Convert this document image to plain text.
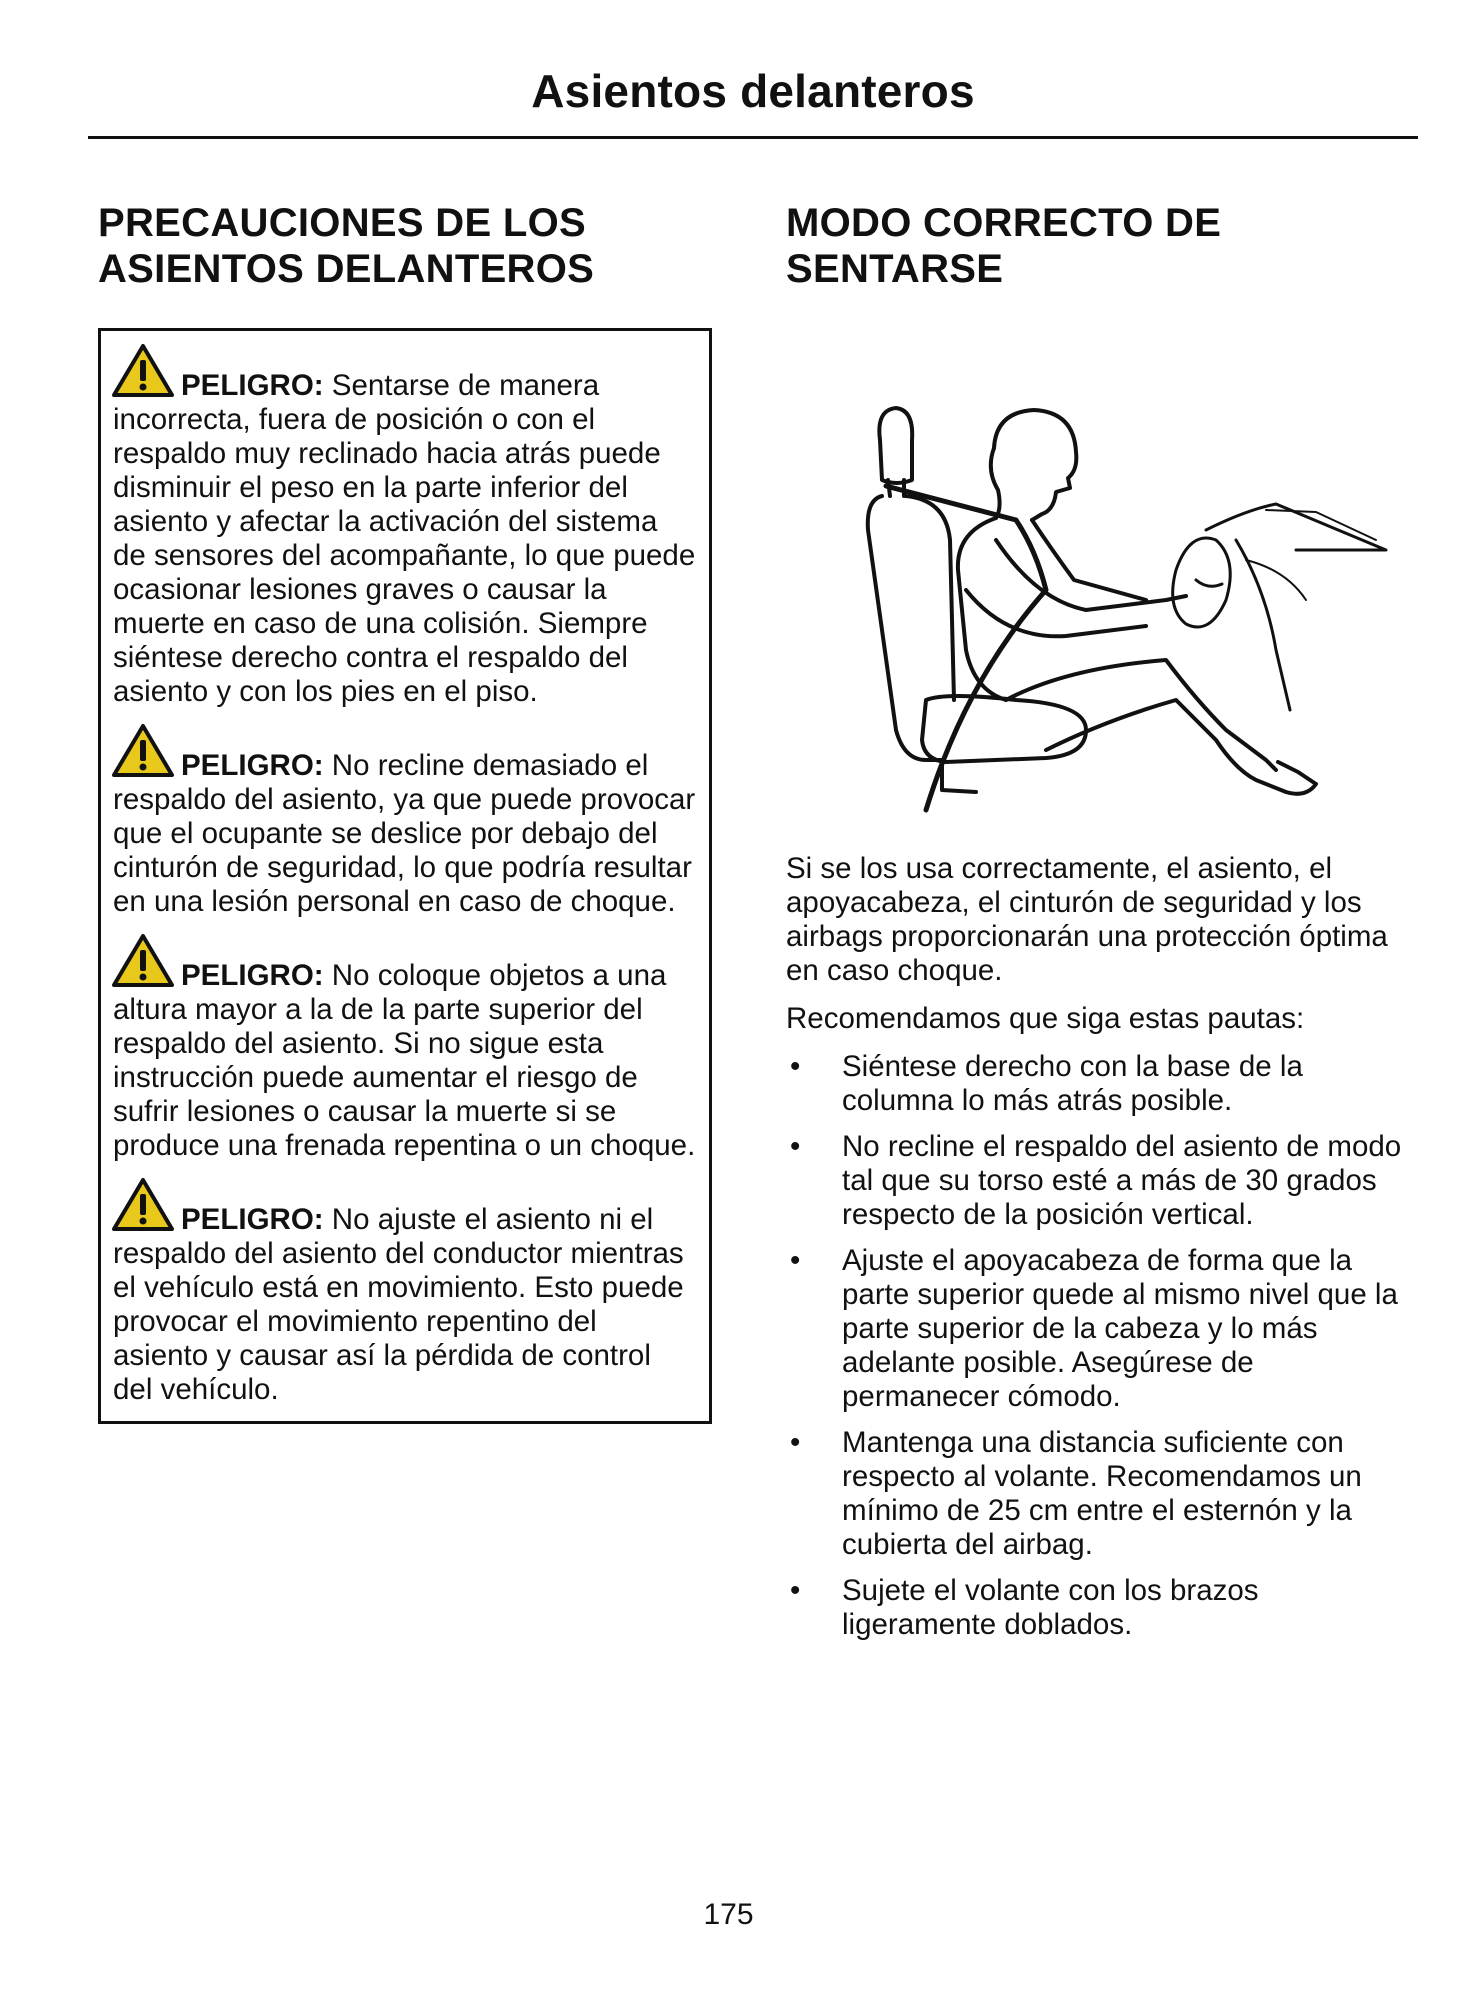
Asientos delanteros
PRECAUCIONES DE LOS
ASIENTOS DELANTEROS

PELIGRO: Sentarse de manera incorrecta, fuera de posición o con el respaldo muy reclinado hacia atrás puede disminuir el peso en la parte inferior del asiento y afectar la activación del sistema de sensores del acompañante, lo que puede ocasionar lesiones graves o causar la muerte en caso de una colisión. Siempre siéntese derecho contra el respaldo del asiento y con los pies en el piso.

PELIGRO: No recline demasiado el respaldo del asiento, ya que puede provocar que el ocupante se deslice por debajo del cinturón de seguridad, lo que podría resultar en una lesión personal en caso de choque.

PELIGRO: No coloque objetos a una altura mayor a la de la parte superior del respaldo del asiento. Si no sigue esta instrucción puede aumentar el riesgo de sufrir lesiones o causar la muerte si se produce una frenada repentina o un choque.

PELIGRO: No ajuste el asiento ni el respaldo del asiento del conductor mientras el vehículo está en movimiento. Esto puede provocar el movimiento repentino del asiento y causar así la pérdida de control del vehículo.

MODO CORRECTO DE
SENTARSE

Si se los usa correctamente, el asiento, el apoyacabeza, el cinturón de seguridad y los airbags proporcionarán una protección óptima en caso choque.

Recomendamos que siga estas pautas:

•	Siéntese derecho con la base de la columna lo más atrás posible.
•	No recline el respaldo del asiento de modo tal que su torso esté a más de 30 grados respecto de la posición vertical.
•	Ajuste el apoyacabeza de forma que la parte superior quede al mismo nivel que la parte superior de la cabeza y lo más adelante posible. Asegúrese de permanecer cómodo.
•	Mantenga una distancia suficiente con respecto al volante. Recomendamos un mínimo de 25 cm entre el esternón y la cubierta del airbag.
•	Sujete el volante con los brazos ligeramente doblados.
175
